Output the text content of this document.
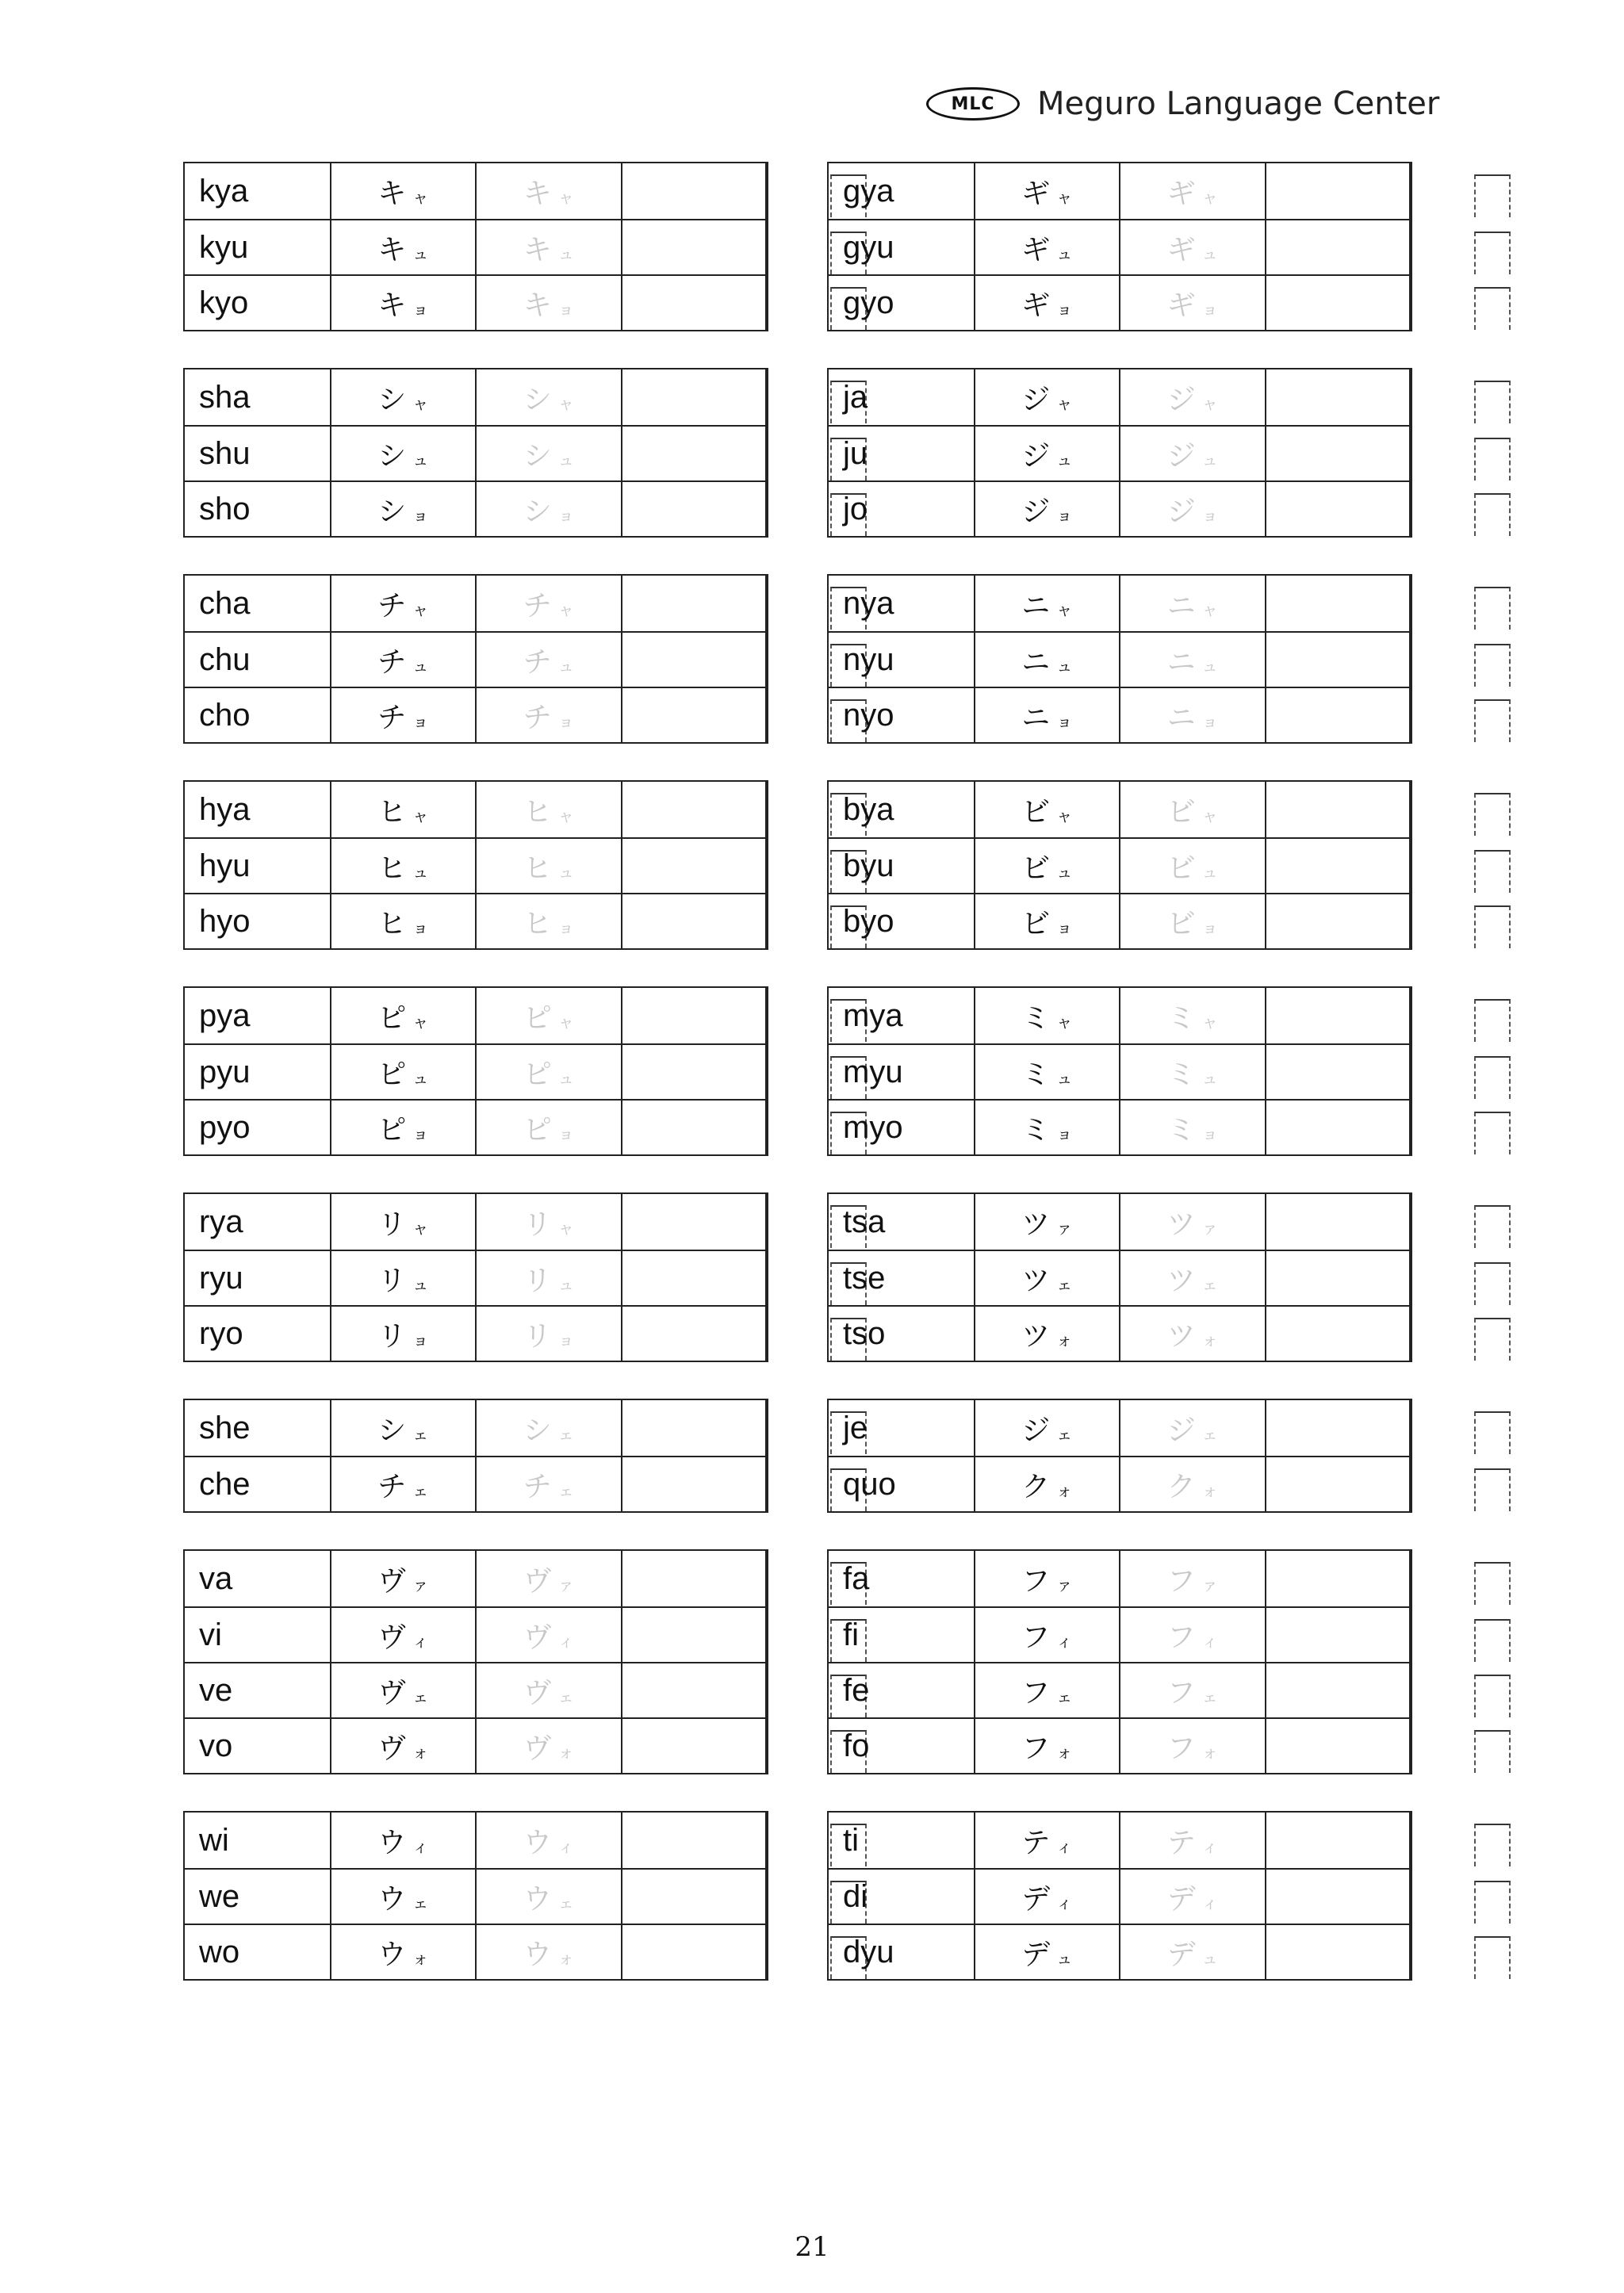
MLC	Meguro Language Center
kya	キ ャ	キ ャ
kyu	キ ュ	キ ュ
kyo	キ ョ	キ ョ
sha	シ ャ	シ ャ
shu	シ ュ	シ ュ
sho	シ ョ	シ ョ
cha	チ ャ	チ ャ
chu	チ ュ	チ ュ
cho	チ ョ	チ ョ
hya	ヒ ャ	ヒ ャ
hyu	ヒ ュ	ヒ ュ
hyo	ヒ ョ	ヒ ョ
pya	ピ ャ	ピ ャ
pyu	ピ ュ	ピ ュ
pyo	ピ ョ	ピ ョ
rya	リ ャ	リ ャ
ryu	リ ュ	リ ュ
ryo	リ ョ	リ ョ
she	シ ェ	シ ェ
che	チ ェ	チ ェ
va	ヴ ァ	ヴ ァ
vi	ヴ ィ	ヴ ィ
ve	ヴ ェ	ヴ ェ
vo	ヴ ォ	ヴ ォ
wi	ウ ィ	ウ ィ
we	ウ ェ	ウ ェ
wo	ウ ォ	ウ ォ
gya	ギ ャ	ギ ャ
gyu	ギ ュ	ギ ュ
gyo	ギ ョ	ギ ョ
ja	ジ ャ	ジ ャ
ju	ジ ュ	ジ ュ
jo	ジ ョ	ジ ョ
nya	ニ ャ	ニ ャ
nyu	ニ ュ	ニ ュ
nyo	ニ ョ	ニ ョ
bya	ビ ャ	ビ ャ
byu	ビ ュ	ビ ュ
byo	ビ ョ	ビ ョ
mya	ミ ャ	ミ ャ
myu	ミ ュ	ミ ュ
myo	ミ ョ	ミ ョ
tsa	ツ ァ	ツ ァ
tse	ツ ェ	ツ ェ
tso	ツ ォ	ツ ォ
je	ジ ェ	ジ ェ
quo	ク ォ	ク ォ
fa	フ ァ	フ ァ
fi	フ ィ	フ ィ
fe	フ ェ	フ ェ
fo	フ ォ	フ ォ
ti	テ ィ	テ ィ
di	デ ィ	デ ィ
dyu	デ ュ	デ ュ
21
